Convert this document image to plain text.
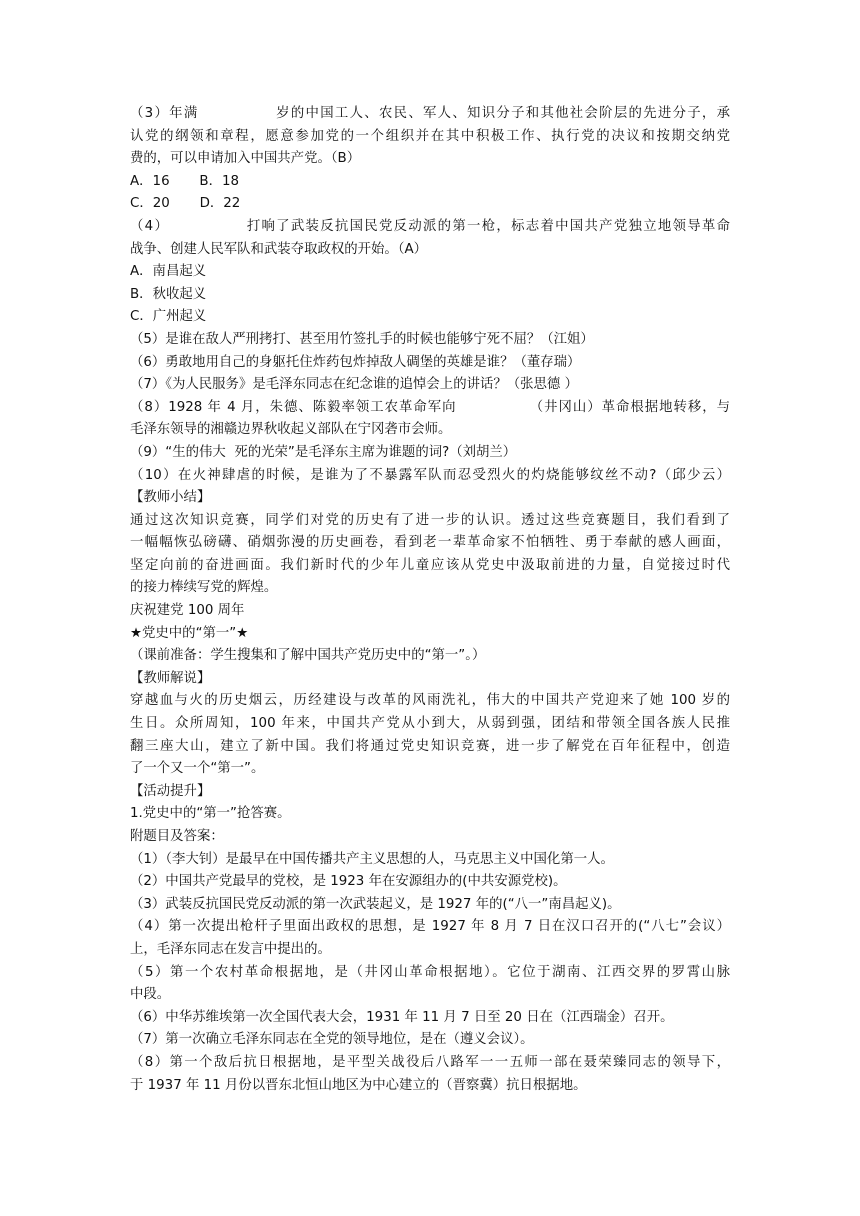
（3）年满              岁的中国工人、农民、军人、知识分子和其他社会阶层的先进分子，承
认党的纲领和章程，愿意参加党的一个组织并在其中积极工作、执行党的决议和按期交纳党
费的，可以申请加入中国共产党。（B）
A．16       B．18
C．20       D．22
（4）              打响了武装反抗国民党反动派的第一枪，标志着中国共产党独立地领导革命
战争、创建人民军队和武装夺取政权的开始。（A）
A．南昌起义
B．秋收起义
C．广州起义
（5）是谁在敌人严刑拷打、甚至用竹签扎手的时候也能够宁死不屈？（江姐）
（6）勇敢地用自己的身躯托住炸药包炸掉敌人碉堡的英雄是谁？（董存瑞）
（7）《为人民服务》是毛泽东同志在纪念谁的追悼会上的讲话？（张思德 ）
（8）1928 年 4 月，朱德、陈毅率领工农革命军向              （井冈山）革命根据地转移，与
毛泽东领导的湘赣边界秋收起义部队在宁冈砻市会师。
（9）“生的伟大  死的光荣”是毛泽东主席为谁题的词?（刘胡兰）
（10）在火神肆虐的时候，是谁为了不暴露军队而忍受烈火的灼烧能够纹丝不动?（邱少云）
【教师小结】
通过这次知识竞赛，同学们对党的历史有了进一步的认识。透过这些竞赛题目，我们看到了
一幅幅恢弘磅礴、硝烟弥漫的历史画卷，看到老一辈革命家不怕牺牲、勇于奉献的感人画面，
坚定向前的奋进画面。我们新时代的少年儿童应该从党史中汲取前进的力量，自觉接过时代
的接力棒续写党的辉煌。
庆祝建党 100 周年
★党史中的“第一”★
（课前准备：学生搜集和了解中国共产党历史中的“第一”。）
【教师解说】
穿越血与火的历史烟云，历经建设与改革的风雨洗礼，伟大的中国共产党迎来了她 100 岁的
生日。众所周知，100 年来，中国共产党从小到大，从弱到强，团结和带领全国各族人民推
翻三座大山，建立了新中国。我们将通过党史知识竞赛，进一步了解党在百年征程中，创造
了一个又一个“第一”。
【活动提升】
1.党史中的“第一”抢答赛。
附题目及答案：
（1）（李大钊）是最早在中国传播共产主义思想的人，马克思主义中国化第一人。
（2）中国共产党最早的党校，是 1923 年在安源组办的(中共安源党校)。
（3）武装反抗国民党反动派的第一次武装起义，是 1927 年的(“八一”南昌起义)。
（4）第一次提出枪杆子里面出政权的思想，是 1927 年 8 月 7 日在汉口召开的(“八七”会议）
上，毛泽东同志在发言中提出的。
（5）第一个农村革命根据地，是（井冈山革命根据地）。它位于湖南、江西交界的罗霄山脉
中段。
（6）中华苏维埃第一次全国代表大会，1931 年 11 月 7 日至 20 日在（江西瑞金）召开。
（7）第一次确立毛泽东同志在全党的领导地位，是在（遵义会议）。
（8）第一个敌后抗日根据地，是平型关战役后八路军一一五师一部在聂荣臻同志的领导下，
于 1937 年 11 月份以晋东北恒山地区为中心建立的（晋察冀）抗日根据地。
